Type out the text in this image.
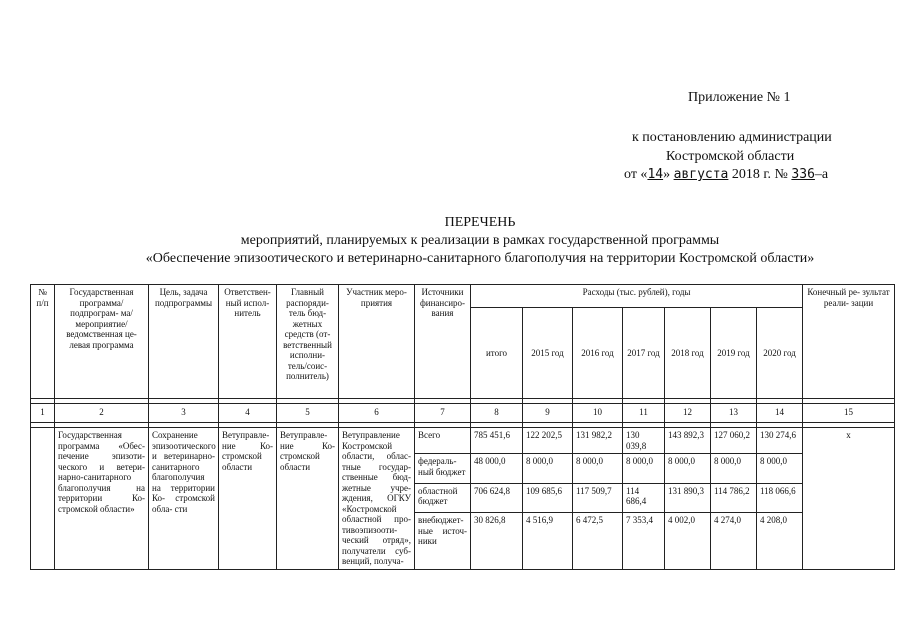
Приложение № 1
к постановлению администрации
Костромской области
от «14» августа 2018 г. № 336–а
ПЕРЕЧЕНЬ
мероприятий, планируемых к реализации в рамках государственной программы
«Обеспечение эпизоотического и ветеринарно-санитарного благополучия на территории Костромской области»
№ п/п	Государственная программа/ подпрограм- ма/мероприятие/ ведомственная це- левая программа	Цель, задача подпрограммы	Ответствен- ный испол- нитель	Главный распоряди- тель бюд- жетных средств (от- ветственный исполни- тель/соис- полнитель)	Участник меро- приятия	Источники финансиро- вания	Расходы (тыс. рублей), годы							Конечный ре- зультат реали- зации
							итого	2015 год	2016 год	2017 год	2018 год	2019 год	2020 год	

1	2	3	4	5	6	7	8	9	10	11	12	13	14	15

	Государственная программа «Обес- печение эпизоти- ческого и ветери- нарно-санитарного благополучия на территории Ко- стромской области»	Сохранение эпизоотического и ветеринарно- санитарного благополучия на территории Ко- стромской обла- сти	Ветуправле- ние Ко- стромской области	Ветуправле- ние Ко- стромской области	Ветуправление Костромской области, облас- тные государ- ственные бюд- жетные учре- ждения, ОГКУ «Костромской областной про- тивоэпизооти- ческий отряд», получатели суб- венций, получа-	Всего	785 451,6	122 202,5	131 982,2	130 039,8	143 892,3	127 060,2	130 274,6	х
						федераль- ный бюджет	48 000,0	8 000,0	8 000,0	8 000,0	8 000,0	8 000,0	8 000,0	
						областной бюджет	706 624,8	109 685,6	117 509,7	114 686,4	131 890,3	114 786,2	118 066,6	
						внебюджет- ные источ- ники	30 826,8	4 516,9	6 472,5	7 353,4	4 002,0	4 274,0	4 208,0	
